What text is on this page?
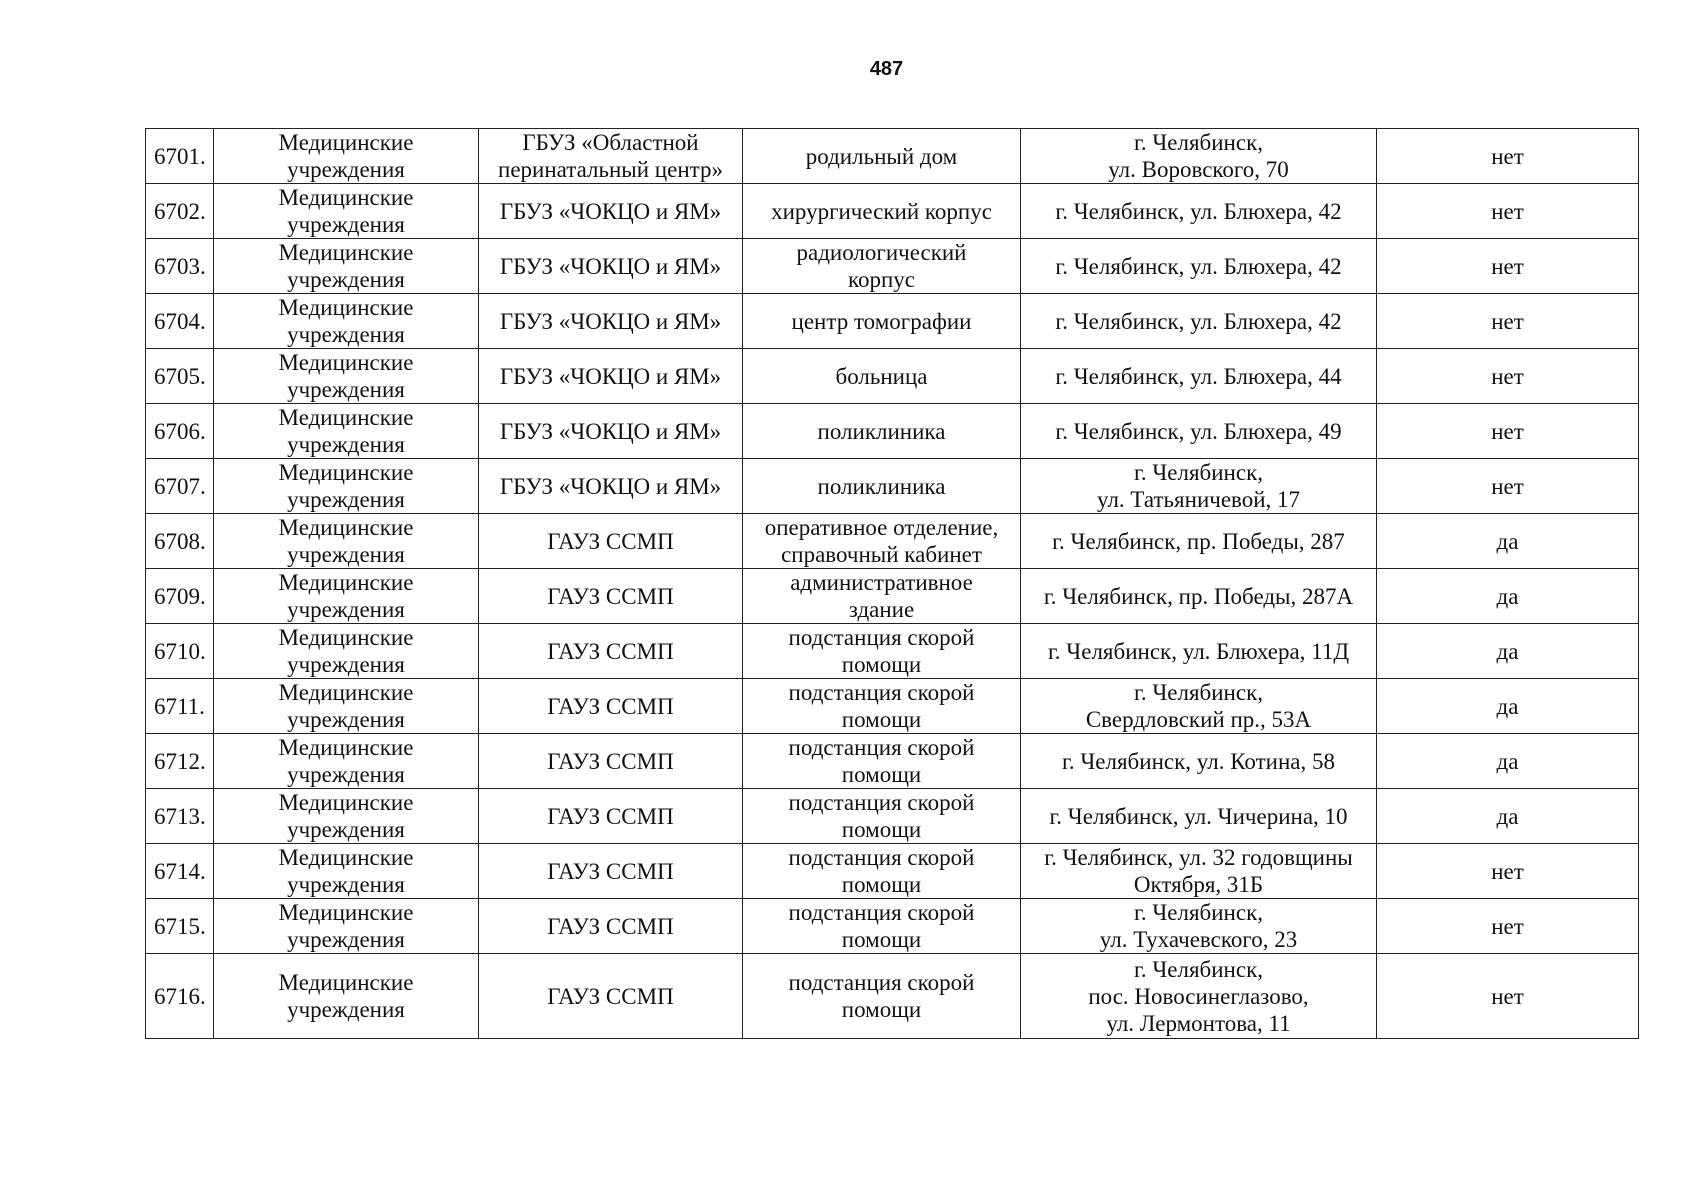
487
6701.	Медицинские
учреждения	ГБУЗ «Областной
перинатальный центр»	родильный дом	г. Челябинск,
ул. Воровского, 70	нет
6702.	Медицинские
учреждения	ГБУЗ «ЧОКЦО и ЯМ»	хирургический корпус	г. Челябинск, ул. Блюхера, 42	нет
6703.	Медицинские
учреждения	ГБУЗ «ЧОКЦО и ЯМ»	радиологический
корпус	г. Челябинск, ул. Блюхера, 42	нет
6704.	Медицинские
учреждения	ГБУЗ «ЧОКЦО и ЯМ»	центр томографии	г. Челябинск, ул. Блюхера, 42	нет
6705.	Медицинские
учреждения	ГБУЗ «ЧОКЦО и ЯМ»	больница	г. Челябинск, ул. Блюхера, 44	нет
6706.	Медицинские
учреждения	ГБУЗ «ЧОКЦО и ЯМ»	поликлиника	г. Челябинск, ул. Блюхера, 49	нет
6707.	Медицинские
учреждения	ГБУЗ «ЧОКЦО и ЯМ»	поликлиника	г. Челябинск,
ул. Татьяничевой, 17	нет
6708.	Медицинские
учреждения	ГАУЗ ССМП	оперативное отделение,
справочный кабинет	г. Челябинск, пр. Победы, 287	да
6709.	Медицинские
учреждения	ГАУЗ ССМП	административное
здание	г. Челябинск, пр. Победы, 287А	да
6710.	Медицинские
учреждения	ГАУЗ ССМП	подстанция скорой
помощи	г. Челябинск, ул. Блюхера, 11Д	да
6711.	Медицинские
учреждения	ГАУЗ ССМП	подстанция скорой
помощи	г. Челябинск,
Свердловский пр., 53А	да
6712.	Медицинские
учреждения	ГАУЗ ССМП	подстанция скорой
помощи	г. Челябинск, ул. Котина, 58	да
6713.	Медицинские
учреждения	ГАУЗ ССМП	подстанция скорой
помощи	г. Челябинск, ул. Чичерина, 10	да
6714.	Медицинские
учреждения	ГАУЗ ССМП	подстанция скорой
помощи	г. Челябинск, ул. 32 годовщины
Октября, 31Б	нет
6715.	Медицинские
учреждения	ГАУЗ ССМП	подстанция скорой
помощи	г. Челябинск,
ул. Тухачевского, 23	нет
6716.	Медицинские
учреждения	ГАУЗ ССМП	подстанция скорой
помощи	г. Челябинск,
пос. Новосинеглазово,
ул. Лермонтова, 11	нет
